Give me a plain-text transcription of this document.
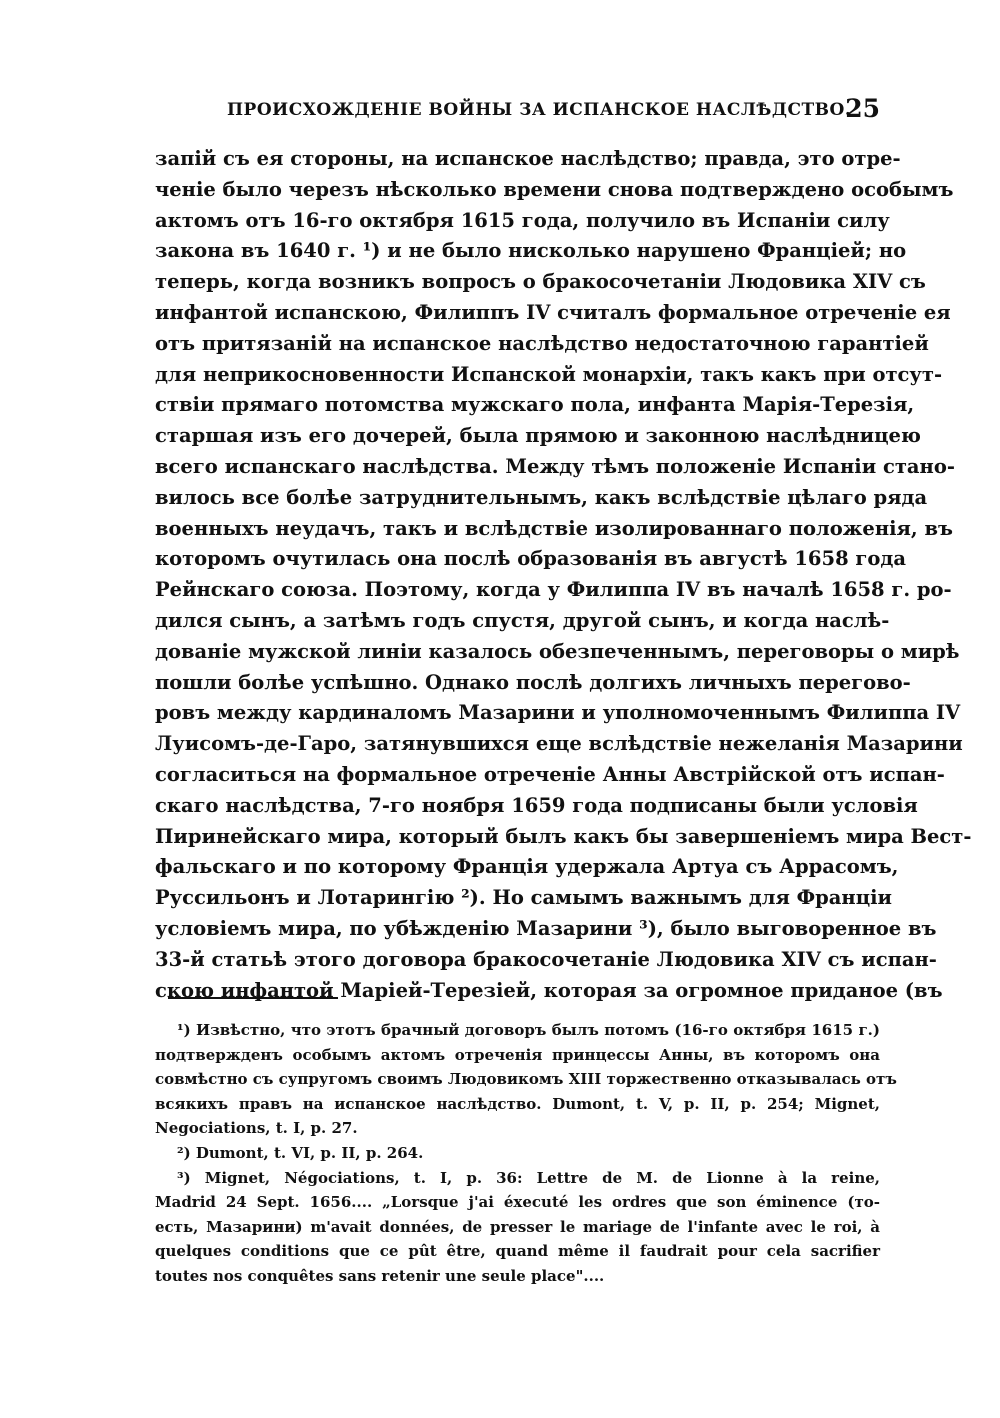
ПРОИСХОЖДЕНІЕ ВОЙНЫ ЗА ИСПАНСКОЕ НАСЛѢДСТВО.
25
запій съ ея стороны, на испанское наслѣдство; правда, это отре-
ченіе было черезъ нѣсколько времени снова подтверждено особымъ
актомъ отъ 16-го октября 1615 года, получило въ Испаніи силу
закона въ 1640 г. ¹) и не было нисколько нарушено Франціей; но
теперь, когда возникъ вопросъ о бракосочетаніи Людовика XIV съ
инфантой испанскою, Филиппъ IV считалъ формальное отреченіе ея
отъ притязаній на испанское наслѣдство недостаточною гарантіей
для неприкосновенности Испанской монархіи, такъ какъ при отсут-
ствіи прямаго потомства мужскаго пола, инфанта Марія-Терезія,
старшая изъ его дочерей, была прямою и законною наслѣдницею
всего испанскаго наслѣдства. Между тѣмъ положеніе Испаніи стано-
вилось все болѣе затруднительнымъ, какъ вслѣдствіе цѣлаго ряда
военныхъ неудачъ, такъ и вслѣдствіе изолированнаго положенія, въ
которомъ очутилась она послѣ образованія въ августѣ 1658 года
Рейнскаго союза. Поэтому, когда у Филиппа IV въ началѣ 1658 г. ро-
дился сынъ, а затѣмъ годъ спустя, другой сынъ, и когда наслѣ-
дованіе мужской линіи казалось обезпеченнымъ, переговоры о мирѣ
пошли болѣе успѣшно. Однако послѣ долгихъ личныхъ перегово-
ровъ между кардиналомъ Мазарини и уполномоченнымъ Филиппа IV
Луисомъ-де-Гаро, затянувшихся еще вслѣдствіе нежеланія Мазарини
согласиться на формальное отреченіе Анны Австрійской отъ испан-
скаго наслѣдства, 7-го ноября 1659 года подписаны были условія
Пиринейскаго мира, который былъ какъ бы завершеніемъ мира Вест-
фальскаго и по которому Франція удержала Артуа съ Аррасомъ,
Руссильонъ и Лотарингію ²). Но самымъ важнымъ для Франціи
условіемъ мира, по убѣжденію Мазарини ³), было выговоренное въ
33-й статьѣ этого договора бракосочетаніе Людовика XIV съ испан-
скою инфантой Маріей-Терезіей, которая за огромное приданое (въ
¹) Извѣстно, что этотъ брачный договоръ былъ потомъ (16-го октября 1615 г.)
подтвержденъ особымъ актомъ отреченія принцессы Анны, въ которомъ она
совмѣстно съ супругомъ своимъ Людовикомъ XIII торжественно отказывалась отъ
всякихъ правъ на испанское наслѣдство. Dumont, t. V, p. II, p. 254; Mignet,
Negociations, t. I, p. 27.
²) Dumont, t. VI, p. II, p. 264.
³) Mignet, Négociations, t. I, p. 36: Lettre de M. de Lionne à la reine,
Madrid 24 Sept. 1656.... „Lorsque j'ai éxecuté les ordres que son éminence (то-
есть, Мазарини) m'avait données, de presser le mariage de l'infante avec le roi, à
quelques conditions que ce pût être, quand même il faudrait pour cela sacrifier
toutes nos conquêtes sans retenir une seule place"....
